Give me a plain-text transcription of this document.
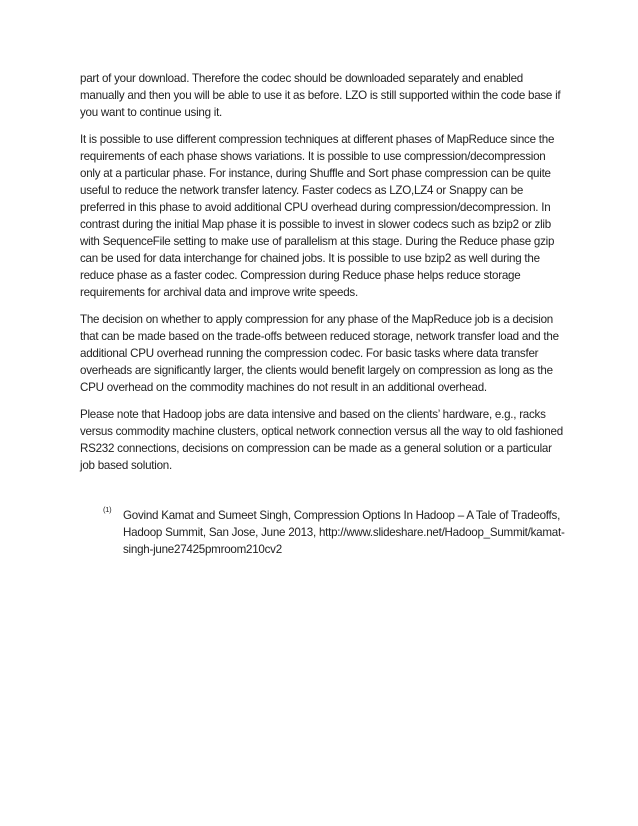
part of your download. Therefore the codec should be downloaded separately and enabled manually and then you will be able to use it as before. LZO is still supported within the code base if you want to continue using it.

It is possible to use different compression techniques at different phases of MapReduce since the requirements of each phase shows variations. It is possible to use compression/decompression only at a particular phase. For instance, during Shuffle and Sort phase compression can be quite useful to reduce the network transfer latency. Faster codecs as LZO,LZ4 or Snappy can be preferred in this phase to avoid additional CPU overhead during compression/decompression. In contrast during the initial Map phase it is possible to invest in slower codecs such as bzip2 or zlib with SequenceFile setting to make use of parallelism at this stage. During the Reduce phase gzip can be used for data interchange for chained jobs. It is possible to use bzip2 as well during the reduce phase as a faster codec. Compression during Reduce phase helps reduce storage requirements for archival data and improve write speeds.

The decision on whether to apply compression for any phase of the MapReduce job is a decision that can be made based on the trade-offs between reduced storage, network transfer load and the additional CPU overhead running the compression codec. For basic tasks where data transfer overheads are significantly larger, the clients would benefit largely on compression as long as the CPU overhead on the commodity machines do not result in an additional overhead.

Please note that Hadoop jobs are data intensive and based on the clients’ hardware, e.g., racks versus commodity machine clusters, optical network connection versus all the way to old fashioned RS232 connections, decisions on compression can be made as a general solution or a particular job based solution.

(1) Govind Kamat and Sumeet Singh, Compression Options In Hadoop – A Tale of Tradeoffs, Hadoop Summit, San Jose, June 2013, http://www.slideshare.net/Hadoop_Summit/kamat-singh-june27425pmroom210cv2
